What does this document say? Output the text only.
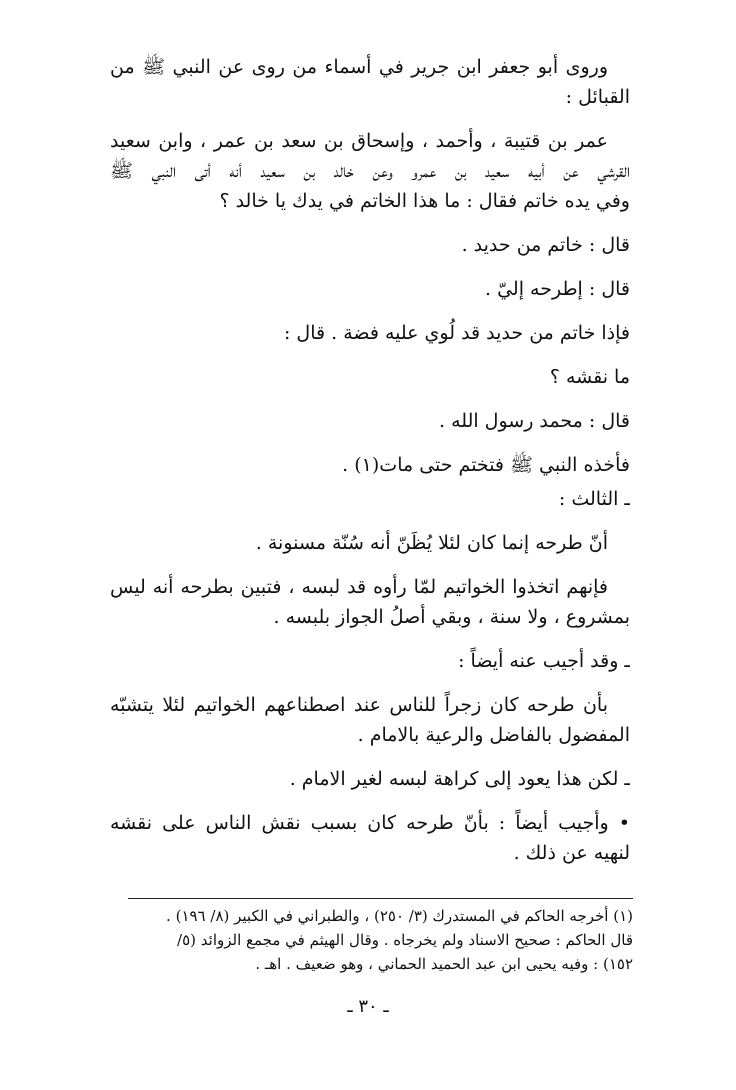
وروى أبو جعفر ابن جرير في أسماء من روى عن النبي ﷺ من
القبائل :
عمر بن قتيبة ، وأحمد ، وإسحاق بن سعد بن عمر ، وابن سعيد
القرشي عن أبيه سعيد بن عمرو وعن خالد بن سعيد أنه أتى النبي ﷺ
وفي يده خاتم فقال : ما هذا الخاتم في يدك يا خالد ؟
قال : خاتم من حديد .
قال : إطرحه إليّ .
فإذا خاتم من حديد قد لُوي عليه فضة . قال :
ما نقشه ؟
قال : محمد رسول الله .
فأخذه النبي ﷺ فتختم حتى مات(١) .
ـ الثالث :
أنّ طرحه إنما كان لئلا يُظَنّ أنه سُنّة مسنونة .
فإنهم اتخذوا الخواتيم لمّا رأوه قد لبسه ، فتبين بطرحه أنه ليس
بمشروع ، ولا سنة ، وبقي أصلُ الجواز بلبسه .
ـ وقد أجيب عنه أيضاً :
بأن طرحه كان زجراً للناس عند اصطناعهم الخواتيم لئلا يتشبّه
المفضول بالفاضل والرعية بالامام .
ـ لكن هذا يعود إلى كراهة لبسه لغير الامام .
• وأجيب أيضاً : بأنّ طرحه كان بسبب نقش الناس على نقشه
لنهيه عن ذلك .
(١) أخرجه الحاكم في المستدرك (٣/ ٢٥٠) ، والطبراني في الكبير (٨/ ١٩٦) .
قال الحاكم : صحيح الاسناد ولم يخرجاه . وقال الهيثم في مجمع الزوائد (٥/
١٥٢) : وفيه يحيى ابن عبد الحميد الحماني ، وهو ضعيف . اهـ .
ـ ٣٠ ـ
